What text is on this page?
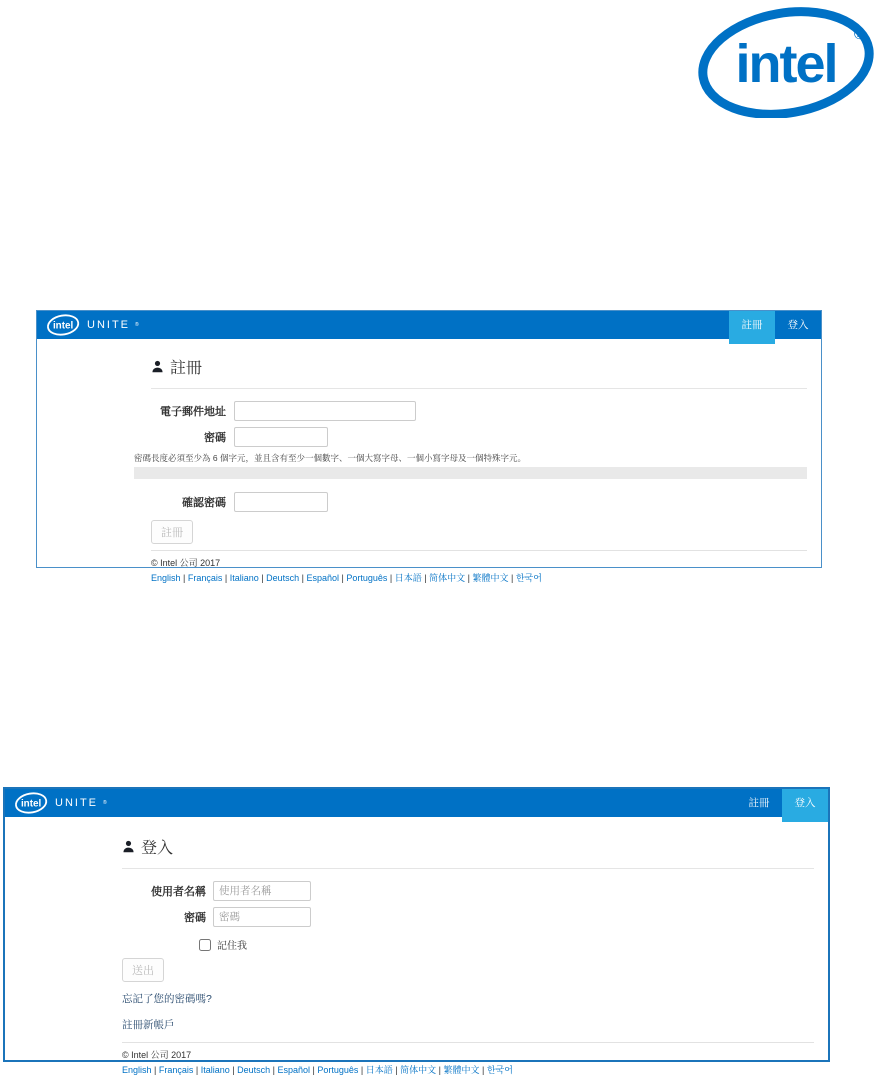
intel ®
intel UNITE ®	註冊	登入
註冊
電子郵件地址
密碼
密碼長度必須至少為 6 個字元，並且含有至少一個數字、一個大寫字母、一個小寫字母及一個特殊字元。
確認密碼
註冊
© Intel 公司 2017
English | Français | Italiano | Deutsch | Español | Português | 日本語 | 简体中文 | 繁體中文 | 한국어
intel UNITE ®	註冊	登入
登入
使用者名稱
使用者名稱
密碼
密碼
記住我
送出
忘記了您的密碼嗎?
註冊新帳戶
© Intel 公司 2017
English | Français | Italiano | Deutsch | Español | Português | 日本語 | 简体中文 | 繁體中文 | 한국어
